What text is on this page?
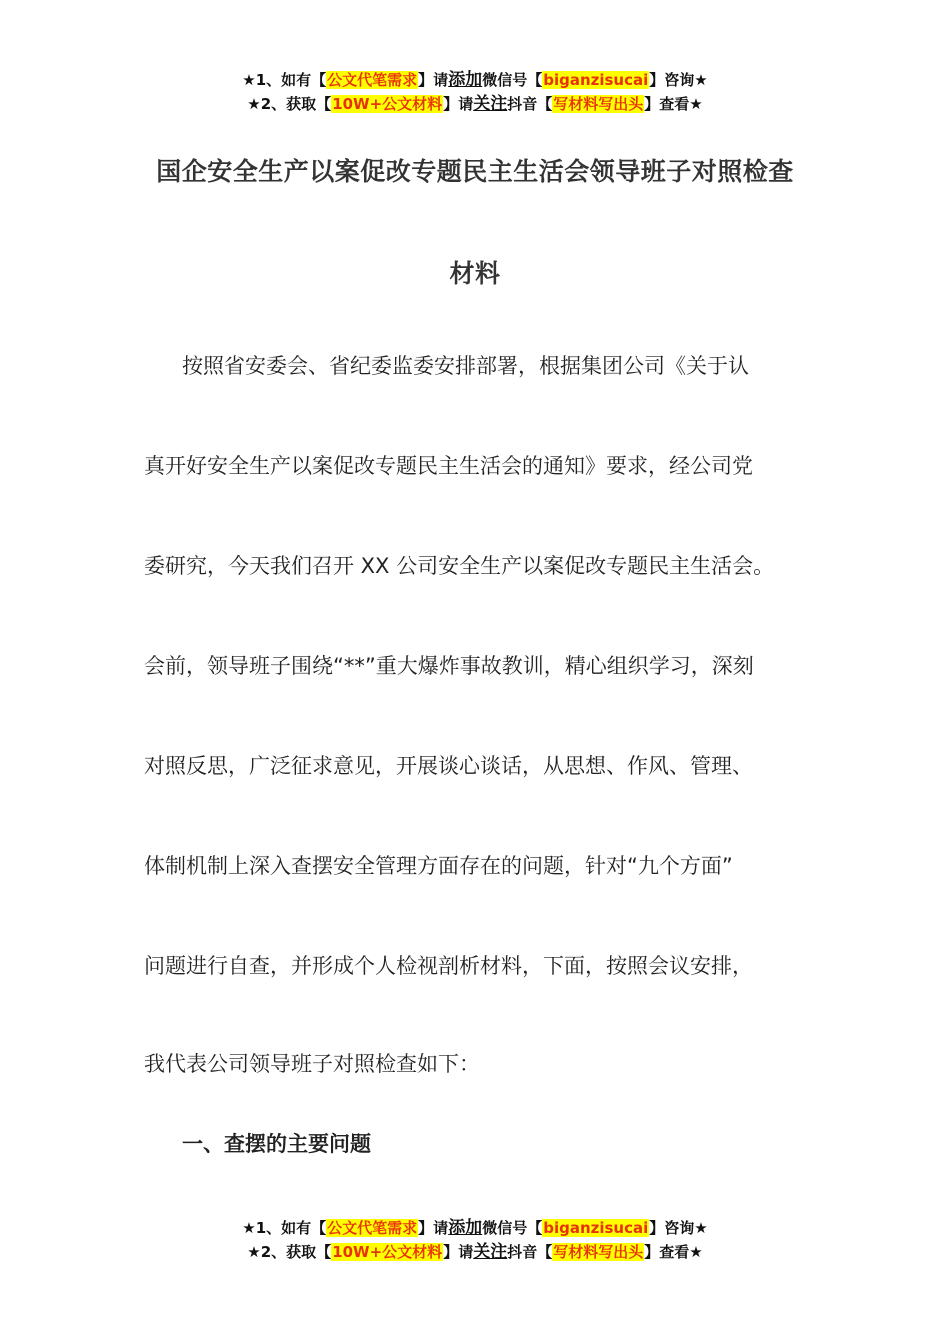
★1、如有【公文代笔需求】请添加微信号【biganzisucai】咨询★
★2、获取【10W+公文材料】请关注抖音【写材料写出头】查看★
国企安全生产以案促改专题民主生活会领导班子对照检查
材料
按照省安委会、省纪委监委安排部署，根据集团公司《关于认
真开好安全生产以案促改专题民主生活会的通知》要求，经公司党
委研究，今天我们召开 XX 公司安全生产以案促改专题民主生活会。
会前，领导班子围绕“**”重大爆炸事故教训，精心组织学习，深刻
对照反思，广泛征求意见，开展谈心谈话，从思想、作风、管理、
体制机制上深入查摆安全管理方面存在的问题，针对“九个方面”
问题进行自查，并形成个人检视剖析材料，下面，按照会议安排，
我代表公司领导班子对照检查如下：
一、查摆的主要问题
★1、如有【公文代笔需求】请添加微信号【biganzisucai】咨询★
★2、获取【10W+公文材料】请关注抖音【写材料写出头】查看★
